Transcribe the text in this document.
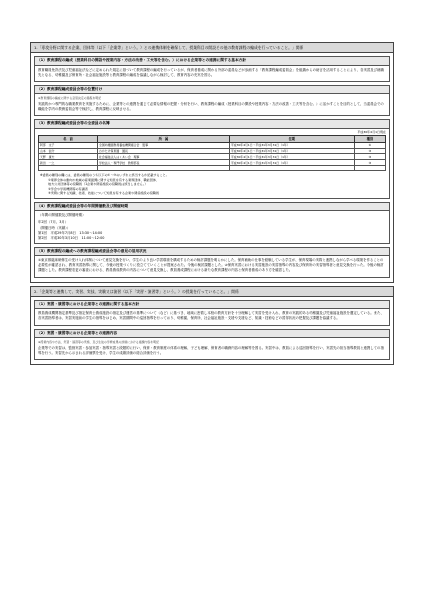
1.「専攻分野に関する企業、団体等（以下「企業等」という。）との連携体制を確保して、授業科目の開設その他の教育課程の編成を行っていること。」関係
（1）教育課程の編成（授業科目の開設や授業内容・方法の改善・工夫等を含む。）における企業等との連携に関する基本方針
教育職員免許法及び児童福祉法などに定められた規定に基づいて教育課程の編成を行っているが、保育者養成に関わる外部の委員などが参画する「教育課程編成委員会」を組織からの助言を活用することにより、各実習及び就職先となる、幼稚園及び保育所・社会福祉施設等と教育課程の編成を協議しながら検討して、教育内容の充実を図る。
（2）教育課程編成委員会等の位置付け
※教育課程の編成に関する意思決定の過程を明記
実践的かつ専門的な職業教育を実施するために、企業等との連携を通じて必要な情報の把握・分析を行い、教育課程の編成（授業科目の開設や授業内容・方法の改善・工夫等を含む。）に活かすことを目的として、当委員会での職能を学内の教務委員会等で検討し、教育課程に反映させる。
（3）教育課程編成委員会等の全委員の名簿
平成30年4月1日現在
名　前	所　属	任期	種別
阿部　文子	全国幼稚園教員養成機関連合会　監事	平成30年4月1日～平成31年3月31日（1年）	①
山本　信介	わかたけ保育園　園長	平成30年4月1日～平成31年3月31日（1年）	③
天野　康夫	社会福祉法人はくあい会　理事	平成30年4月1日～平成31年3月31日（1年）	③
新田　一之	学校法人・専門学校　教務部長	平成30年4月1日～平成31年3月31日（1年）	③

※委員の種別の欄には、委員の種別のうち以下の①～③のいずれに該当するか記載すること。
①業界全体の動向や地域の産業振興に関する知見を有する業界団体、職能団体、
地方公共団体等の役職員（1企業や関係施設の役職員は該当しません。）
②学会や学術機関等の有識者
③実務に関する知識、技術、技能について知見を有する企業や関係施設の役職員
（4）教育課程編成委員会等の年間開催数及び開催時期
（年間の開催数及び開催時期）
年2回（7月、3月）
（開催日時（実績））
第1回　平成29年7月8日　13:30～14:00
第2回　平成30年3月10日　11:00～12:00
（5）教育課程の編成への教育課程編成委員会等の意見の活用状況
①東京都臨床研修生の受け入れ体制について意見交換を行い、学生のより良い学習環境を構成するための検討課題を明らかにした。保育補助の仕事を経験している学生が、保育現場の実際と連携しながら学べる環境を作ることの必要性が確認され、教育実習指導に関して、今後の授業づくりに役立てていくことが提案された。今後の検討課題とした。②保育実習における実習施設の実習指導の内容及び保育所の実習指導者と意見交換を行った。今後の検討課題とした。教育課程変更の審査における、教員養成教育の内容について意見交換し、教員養成課程における新たな教育課程の内容と保育者養成のあり方を確認した。
2.「企業等と連携して、実習、実技、実験又は演習（以下「実習・演習等」という。）の授業を行っていること。」関係
（1）実習・演習等における企業等との連携に関する基本方針
教員養成機関指定基準及び指定保育士養成施設の指定及び運営の基準について（など）に基づき、地域に密着し本校の教育方針を十分理解して実習を受け入れ、教育の実践的ある幼稚園及び児童福祉施設を選定している。また、各実習指導者は、実習実施前の学生の指導をはじめ、実習期間中の巡回指導を行っており、幼稚園、保育所、社会福祉施設・支援や支援など、知識・技術などの習得状況の把握及び課題を協議する。
（2）実習・演習等における企業等との連携内容
※授業内容や方法、実習・演習等の実施、及び生徒の学修成果の評価における連携内容を明記
企業等での実習は、監督実習・参加実習・指導実習と段階的に行い、保育・教育制度の体系の理解、子ども理解、保育者の職務内容の理解等を図る。実習中は、教員による巡回指導を行い、実習先の担当指導教員と連携しての指導を行う。実習先から示される評価票を受け、学生の成績評価の総合評価を行う。
